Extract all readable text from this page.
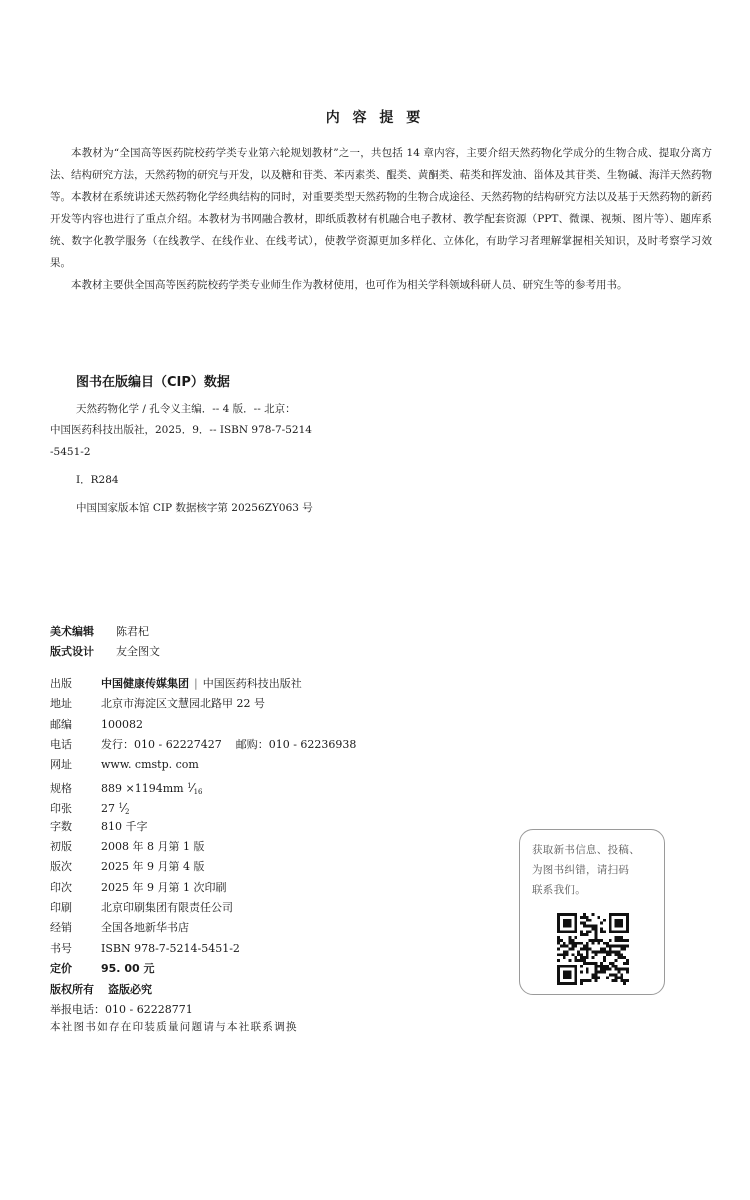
内 容 提 要

本教材为“全国高等医药院校药学类专业第六轮规划教材”之一，共包括 14 章内容，主要介绍天然药物化学成分的生物合成、提取分离方法、结构研究方法，天然药物的研究与开发，以及糖和苷类、苯丙素类、醌类、黄酮类、萜类和挥发油、甾体及其苷类、生物碱、海洋天然药物等。本教材在系统讲述天然药物化学经典结构的同时，对重要类型天然药物的生物合成途径、天然药物的结构研究方法以及基于天然药物的新药开发等内容也进行了重点介绍。本教材为书网融合教材，即纸质教材有机融合电子教材、教学配套资源（PPT、微课、视频、图片等）、题库系统、数字化教学服务（在线教学、在线作业、在线考试），使教学资源更加多样化、立体化，有助学习者理解掌握相关知识，及时考察学习效果。

本教材主要供全国高等医药院校药学类专业师生作为教材使用，也可作为相关学科领域科研人员、研究生等的参考用书。

图书在版编目（CIP）数据
天然药物化学 / 孔令义主编．-- 4 版．-- 北京：
中国医药科技出版社，2025．9．-- ISBN 978-7-5214
-5451-2
Ⅰ．R284
中国国家版本馆 CIP 数据核字第 20256ZY063 号
美术编辑 陈君杞
版式设计 友全图文
出版	中国健康传媒集团 | 中国医药科技出版社
地址	北京市海淀区文慧园北路甲 22 号
邮编	100082
电话	发行：010 - 62227427 邮购：010 - 62236938
网址	www. cmstp. com
规格	889 ×1194mm $^1⁄_{16}$
印张	27 $^1⁄_2$
字数	810 千字
初版	2008 年 8 月第 1 版
版次	2025 年 9 月第 4 版
印次	2025 年 9 月第 1 次印刷
印刷	北京印刷集团有限责任公司
经销	全国各地新华书店
书号	ISBN 978-7-5214-5451-2
定价	95. 00 元
版权所有 盗版必究
举报电话：010 - 62228771
本社图书如存在印装质量问题请与本社联系调换
获取新书信息、投稿、
为图书纠错，请扫码
联系我们。
